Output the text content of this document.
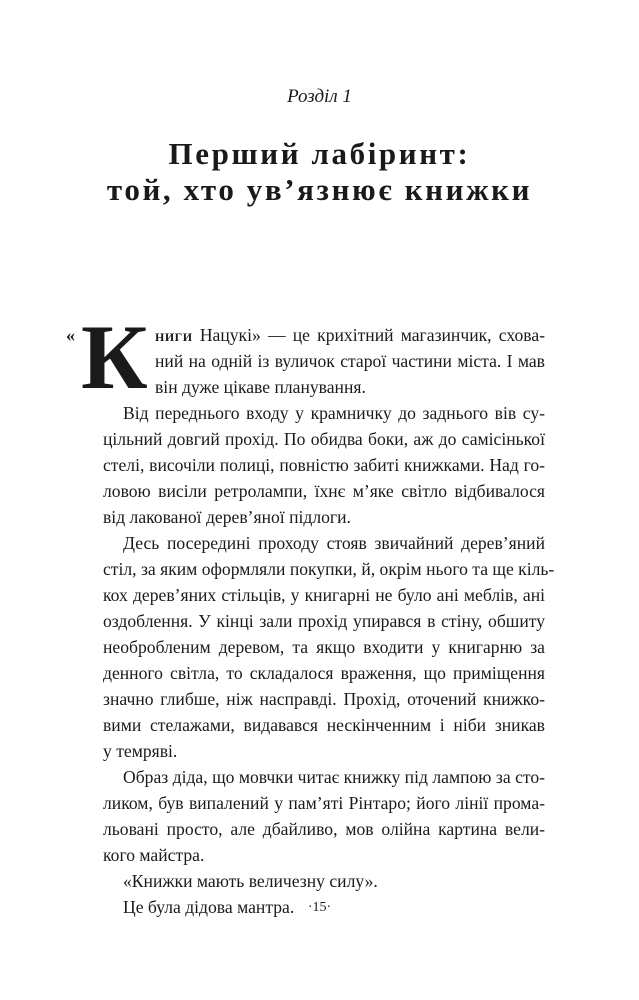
Розділ 1
Перший лабіринт:
той, хто ув’язнює книжки
« К ниги Нацукі» — це крихітний магазинчик, схова-
ний на одній із вуличок старої частини міста. І мав
він дуже цікаве планування.
Від переднього входу у крамничку до заднього вів су-
цільний довгий прохід. По обидва боки, аж до самісінької
стелі, височіли полиці, повністю забиті книжками. Над го-
ловою висіли ретролампи, їхнє м’яке світло відбивалося
від лакованої дерев’яної підлоги.
Десь посередині проходу стояв звичайний дерев’яний
стіл, за яким оформляли покупки, й, окрім нього та ще кіль-
кох дерев’яних стільців, у книгарні не було ані меблів, ані
оздоблення. У кінці зали прохід упирався в стіну, обшиту
необробленим деревом, та якщо входити у книгарню за
денного світла, то складалося враження, що приміщення
значно глибше, ніж насправді. Прохід, оточений книжко-
вими стелажами, видавався нескінченним і ніби зникав
у темряві.
Образ діда, що мовчки читає книжку під лампою за сто-
ликом, був випалений у пам’яті Рінтаро; його лінії прома-
льовані просто, але дбайливо, мов олійна картина вели-
кого майстра.
«Книжки мають величезну силу».
Це була дідова мантра. ·15·
